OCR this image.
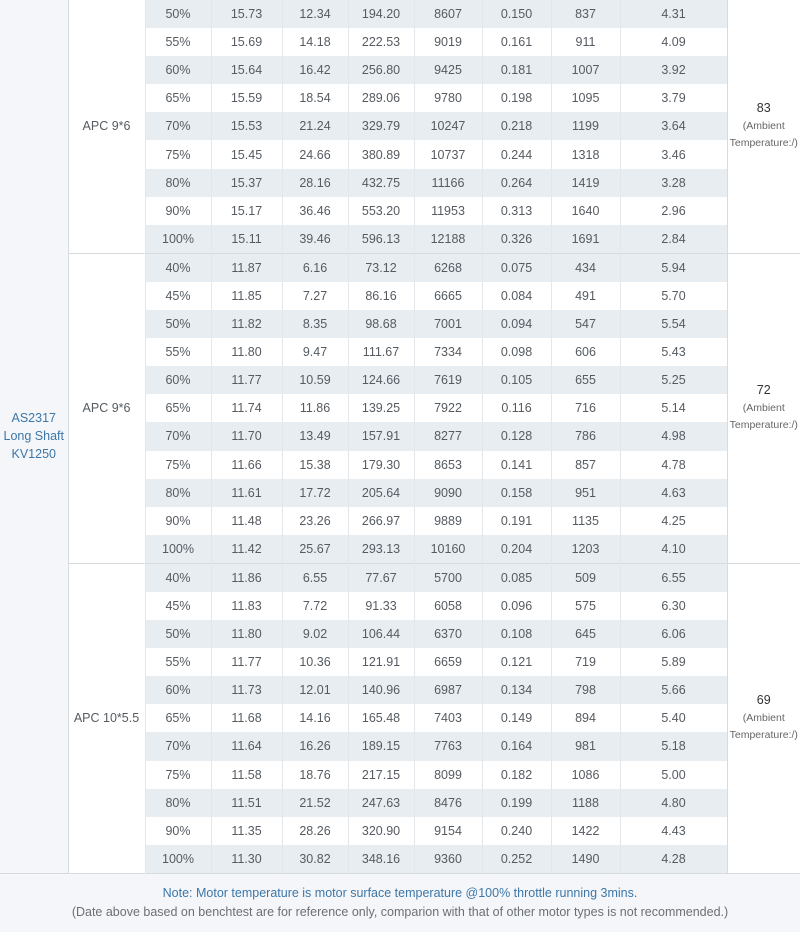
AS2317
Long Shaft
KV1250	APC 9*6	50%	15.73	12.34	194.20	8607	0.150	837	4.31	83
(Ambient
Temperature:/)

		55%	15.69	14.18	222.53	9019	0.161	911	4.09	
		60%	15.64	16.42	256.80	9425	0.181	1007	3.92	
		65%	15.59	18.54	289.06	9780	0.198	1095	3.79	
		70%	15.53	21.24	329.79	10247	0.218	1199	3.64	
		75%	15.45	24.66	380.89	10737	0.244	1318	3.46	
		80%	15.37	28.16	432.75	11166	0.264	1419	3.28	
		90%	15.17	36.46	553.20	11953	0.313	1640	2.96	
		100%	15.11	39.46	596.13	12188	0.326	1691	2.84	
	APC 9*6	40%	11.87	6.16	73.12	6268	0.075	434	5.94	72
(Ambient
Temperature:/)

		45%	11.85	7.27	86.16	6665	0.084	491	5.70	
		50%	11.82	8.35	98.68	7001	0.094	547	5.54	
		55%	11.80	9.47	111.67	7334	0.098	606	5.43	
		60%	11.77	10.59	124.66	7619	0.105	655	5.25	
		65%	11.74	11.86	139.25	7922	0.116	716	5.14	
		70%	11.70	13.49	157.91	8277	0.128	786	4.98	
		75%	11.66	15.38	179.30	8653	0.141	857	4.78	
		80%	11.61	17.72	205.64	9090	0.158	951	4.63	
		90%	11.48	23.26	266.97	9889	0.191	1135	4.25	
		100%	11.42	25.67	293.13	10160	0.204	1203	4.10	
	APC 10*5.5	40%	11.86	6.55	77.67	5700	0.085	509	6.55	69
(Ambient
Temperature:/)

		45%	11.83	7.72	91.33	6058	0.096	575	6.30	
		50%	11.80	9.02	106.44	6370	0.108	645	6.06	
		55%	11.77	10.36	121.91	6659	0.121	719	5.89	
		60%	11.73	12.01	140.96	6987	0.134	798	5.66	
		65%	11.68	14.16	165.48	7403	0.149	894	5.40	
		70%	11.64	16.26	189.15	7763	0.164	981	5.18	
		75%	11.58	18.76	217.15	8099	0.182	1086	5.00	
		80%	11.51	21.52	247.63	8476	0.199	1188	4.80	
		90%	11.35	28.26	320.90	9154	0.240	1422	4.43	
		100%	11.30	30.82	348.16	9360	0.252	1490	4.28	
Note: Motor temperature is motor surface temperature @100% throttle running 3mins.
(Date above based on benchtest are for reference only, comparion with that of other motor types is not recommended.)
